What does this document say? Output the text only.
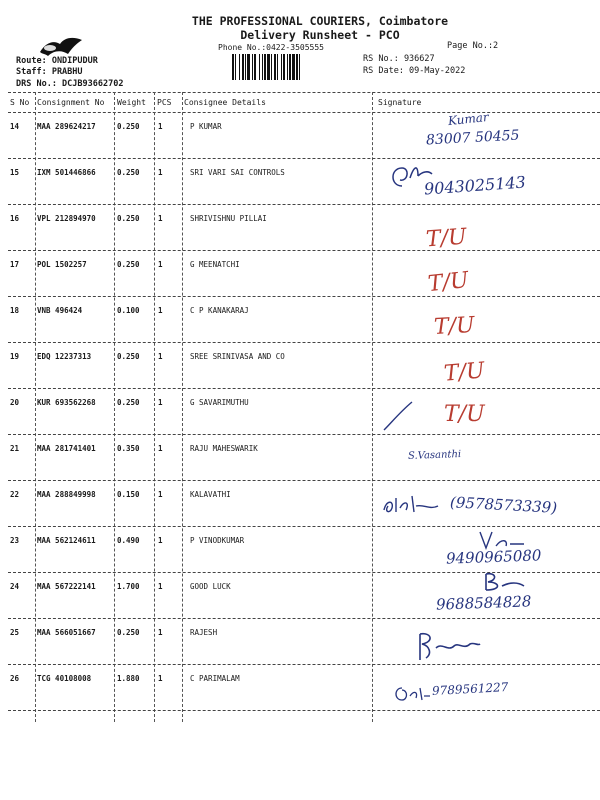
THE PROFESSIONAL COURIERS, Coimbatore
Delivery Runsheet - PCO
Phone No.:0422-3505555	Page No.:2
RS No.: 936627
RS Date: 09-May-2022
Route: ONDIPUDUR
Staff: PRABHU
DRS No.: DCJB93662702
S No Consignment No Weight PCS Consignee Details	Signature
14 MAA 289624217	0.250 1	P KUMAR
15 IXM 501446866	0.250 1	SRI VARI SAI CONTROLS
16 VPL 212894970	0.250 1	SHRIVISHNU PILLAI
17 POL 1502257	0.250 1	G MEENATCHI
18 VNB 496424	0.100 1	C P KANAKARAJ
19 EDQ 12237313	0.250 1	SREE SRINIVASA AND CO
20 KUR 693562268	0.250 1	G SAVARIMUTHU
21 MAA 281741401	0.350 1	RAJU MAHESWARIK
22 MAA 288849998	0.150 1	KALAVATHI
23 MAA 562124611	0.490 1	P VINODKUMAR
24 MAA 567222141	1.700 1	GOOD LUCK
25 MAA 566051667	0.250 1	RAJESH
26 TCG 40108008	1.880 1	C PARIMALAM
Kumar
83007 50455
9043025143
T/U
T/U
T/U
T/U
T/U
S.Vasanthi
(9578573339)
9490965080
9688584828
9789561227
